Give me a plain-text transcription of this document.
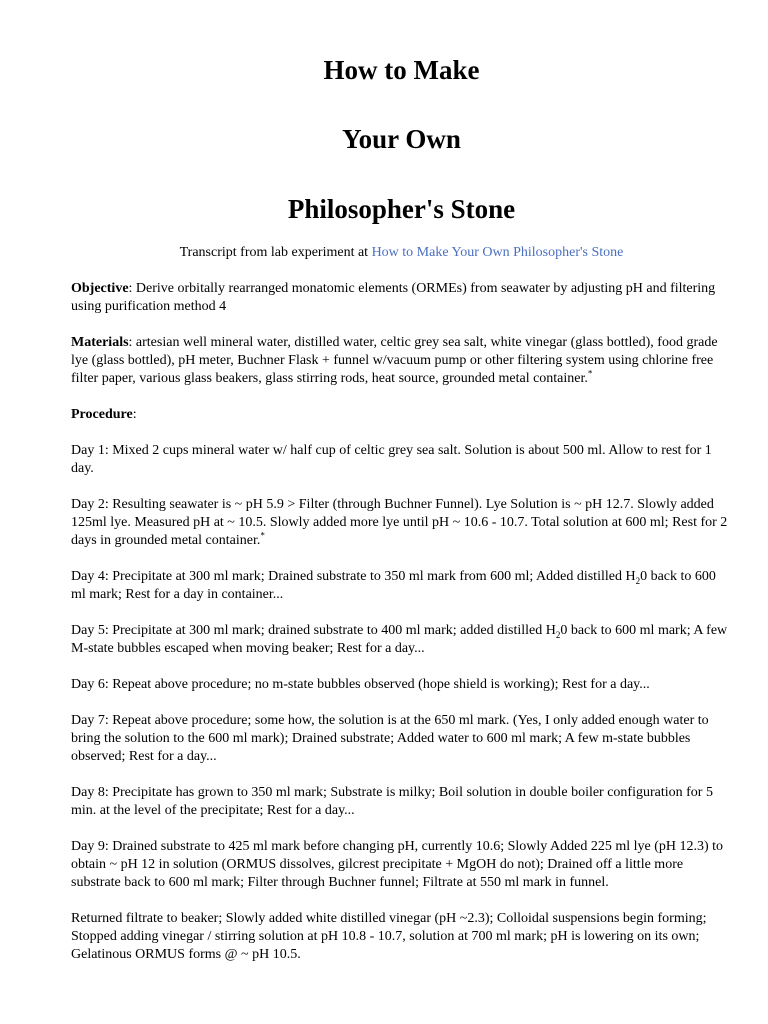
How to Make
Your Own
Philosopher's Stone
Transcript from lab experiment at How to Make Your Own Philosopher's Stone

Objective: Derive orbitally rearranged monatomic elements (ORMEs) from seawater by adjusting pH and filtering using purification method 4

Materials: artesian well mineral water, distilled water, celtic grey sea salt, white vinegar (glass bottled), food grade lye (glass bottled), pH meter, Buchner Flask + funnel w/vacuum pump or other filtering system using chlorine free filter paper, various glass beakers, glass stirring rods, heat source, grounded metal container.*

Procedure:

Day 1: Mixed 2 cups mineral water w/ half cup of celtic grey sea salt. Solution is about 500 ml. Allow to rest for 1 day.

Day 2: Resulting seawater is ~ pH 5.9 > Filter (through Buchner Funnel). Lye Solution is ~ pH 12.7. Slowly added 125ml lye. Measured pH at ~ 10.5. Slowly added more lye until pH ~ 10.6 - 10.7. Total solution at 600 ml; Rest for 2 days in grounded metal container.*

Day 4: Precipitate at 300 ml mark; Drained substrate to 350 ml mark from 600 ml; Added distilled $H_20$ back to 600 ml mark; Rest for a day in container...

Day 5: Precipitate at 300 ml mark; drained substrate to 400 ml mark; added distilled $H_20$ back to 600 ml mark; A few M-state bubbles escaped when moving beaker; Rest for a day...

Day 6: Repeat above procedure; no m-state bubbles observed (hope shield is working); Rest for a day...

Day 7: Repeat above procedure; some how, the solution is at the 650 ml mark. (Yes, I only added enough water to bring the solution to the 600 ml mark); Drained substrate; Added water to 600 ml mark; A few m-state bubbles observed; Rest for a day...

Day 8: Precipitate has grown to 350 ml mark; Substrate is milky; Boil solution in double boiler configuration for 5 min. at the level of the precipitate; Rest for a day...

Day 9: Drained substrate to 425 ml mark before changing pH, currently 10.6; Slowly Added 225 ml lye (pH 12.3) to obtain ~ pH 12 in solution (ORMUS dissolves, gilcrest precipitate + MgOH do not); Drained off a little more substrate back to 600 ml mark; Filter through Buchner funnel; Filtrate at 550 ml mark in funnel.

Returned filtrate to beaker; Slowly added white distilled vinegar (pH ~2.3); Colloidal suspensions begin forming; Stopped adding vinegar / stirring solution at pH 10.8 - 10.7, solution at 700 ml mark; pH is lowering on its own; Gelatinous ORMUS forms @ ~ pH 10.5.
